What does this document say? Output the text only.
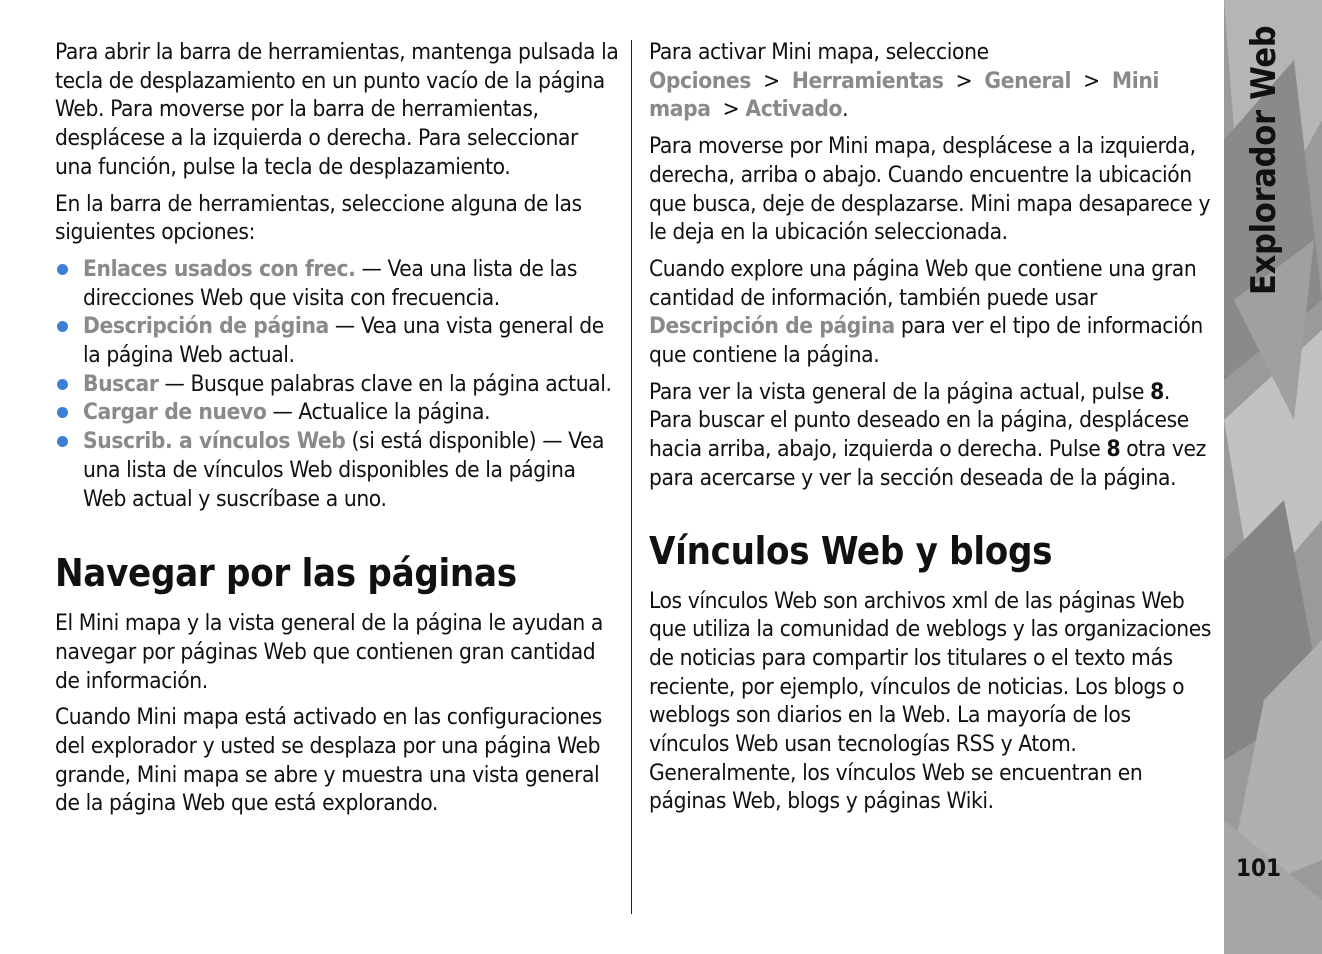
Para abrir la barra de herramientas, mantenga pulsada la tecla de desplazamiento en un punto vacío de la página Web. Para moverse por la barra de herramientas, desplácese a la izquierda o derecha. Para seleccionar una función, pulse la tecla de desplazamiento.

En la barra de herramientas, seleccione alguna de las siguientes opciones:

Enlaces usados con frec. — Vea una lista de las direcciones Web que visita con frecuencia.
Descripción de página — Vea una vista general de la página Web actual.
Buscar — Busque palabras clave en la página actual.
Cargar de nuevo — Actualice la página.
Suscrib. a vínculos Web (si está disponible) — Vea una lista de vínculos Web disponibles de la página Web actual y suscríbase a uno.
Navegar por las páginas

El Mini mapa y la vista general de la página le ayudan a navegar por páginas Web que contienen gran cantidad de información.

Cuando Mini mapa está activado en las configuraciones del explorador y usted se desplaza por una página Web grande, Mini mapa se abre y muestra una vista general de la página Web que está explorando.

Para activar Mini mapa, seleccione Opciones > Herramientas > General > Mini mapa > Activado.

Para moverse por Mini mapa, desplácese a la izquierda, derecha, arriba o abajo. Cuando encuentre la ubicación que busca, deje de desplazarse. Mini mapa desaparece y le deja en la ubicación seleccionada.

Cuando explore una página Web que contiene una gran cantidad de información, también puede usar Descripción de página para ver el tipo de información que contiene la página.

Para ver la vista general de la página actual, pulse 8. Para buscar el punto deseado en la página, desplácese hacia arriba, abajo, izquierda o derecha. Pulse 8 otra vez para acercarse y ver la sección deseada de la página.

Vínculos Web y blogs

Los vínculos Web son archivos xml de las páginas Web que utiliza la comunidad de weblogs y las organizaciones de noticias para compartir los titulares o el texto más reciente, por ejemplo, vínculos de noticias. Los blogs o weblogs son diarios en la Web. La mayoría de los vínculos Web usan tecnologías RSS y Atom. Generalmente, los vínculos Web se encuentran en páginas Web, blogs y páginas Wiki.

Explorador Web
101
